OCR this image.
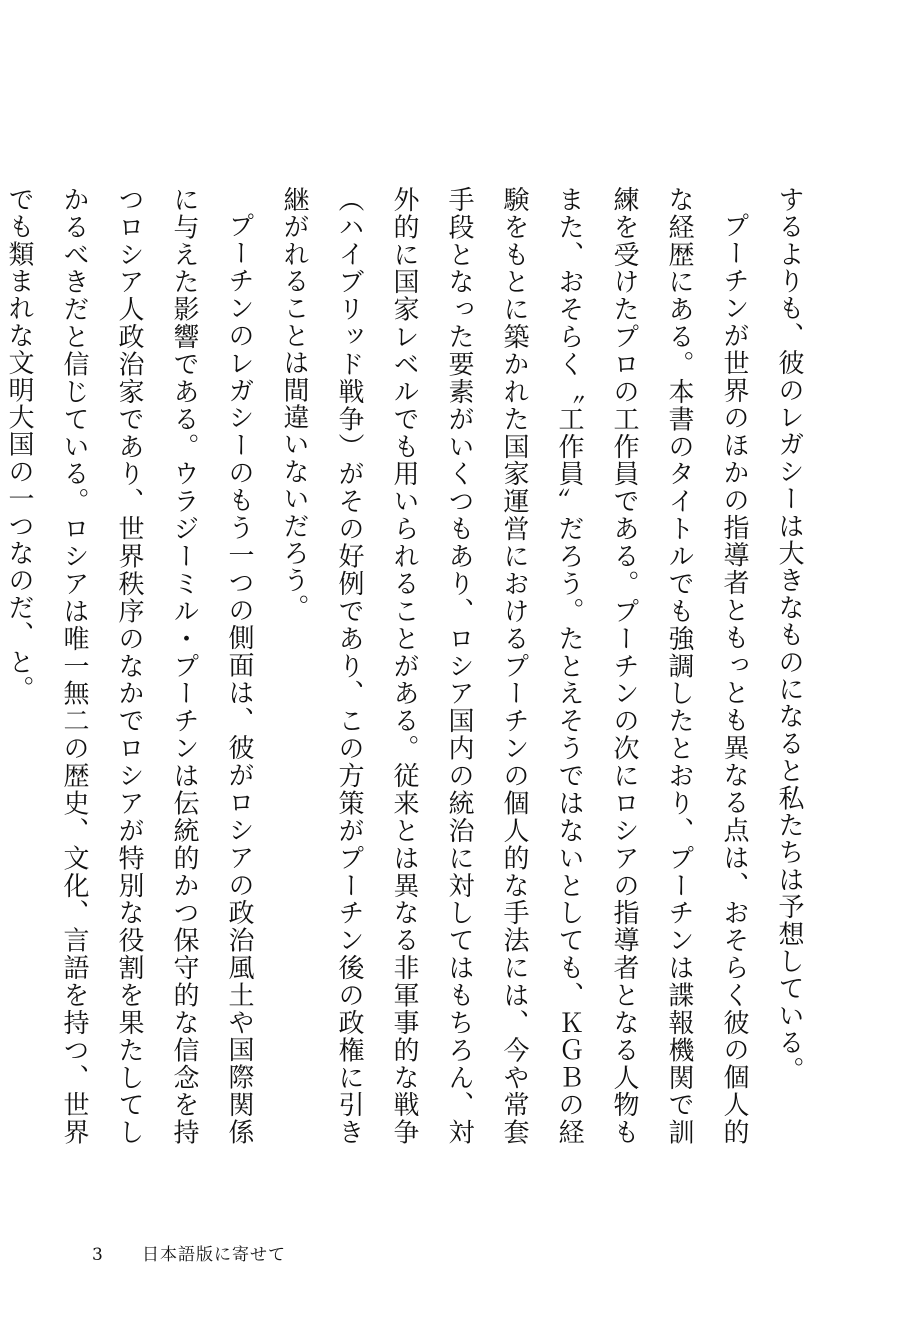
するよりも、彼のレガシーは大きなものになると私たちは予想している。

プーチンが世界のほかの指導者ともっとも異なる点は、おそらく彼の個人的な経歴にある。本書のタイトルでも強調したとおり、プーチンは諜報機関で訓練を受けたプロの工作員である。プーチンの次にロシアの指導者となる人物もまた、おそらく〝工作員〟だろう。たとえそうではないとしても、ＫＧＢの経験をもとに築かれた国家運営におけるプーチンの個人的な手法には、今や常套手段となった要素がいくつもあり、ロシア国内の統治に対してはもちろん、対外的に国家レベルでも用いられることがある。従来とは異なる非軍事的な戦争（ハイブリッド戦争）がその好例であり、この方策がプーチン後の政権に引き継がれることは間違いないだろう。

プーチンのレガシーのもう一つの側面は、彼がロシアの政治風土や国際関係に与えた影響である。ウラジーミル・プーチンは伝統的かつ保守的な信念を持つロシア人政治家であり、世界秩序のなかでロシアが特別な役割を果たしてしかるべきだと信じている。ロシアは唯一無二の歴史、文化、言語を持つ、世界でも類まれな文明大国の一つなのだ、と。

3	日本語版に寄せて
